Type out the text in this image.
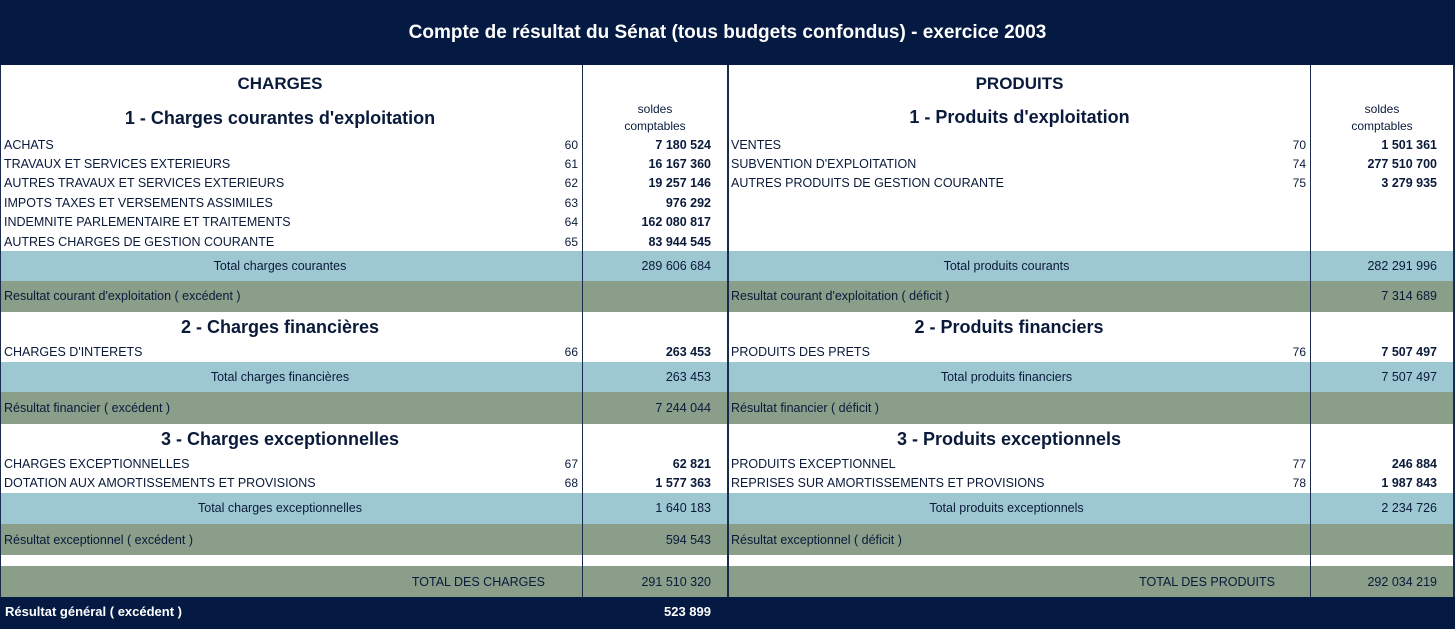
Compte de résultat du Sénat (tous budgets confondus) - exercice 2003
CHARGES
soldes
comptables
1 - Charges courantes d'exploitation
ACHATS	60	7 180 524
TRAVAUX ET SERVICES EXTERIEURS	61	16 167 360
AUTRES TRAVAUX ET SERVICES EXTERIEURS	62	19 257 146
IMPOTS TAXES ET VERSEMENTS ASSIMILES	63	976 292
INDEMNITE PARLEMENTAIRE ET TRAITEMENTS	64	162 080 817
AUTRES CHARGES DE GESTION COURANTE	65	83 944 545
Total charges courantes	289 606 684
Resultat courant d'exploitation ( excédent )
2 - Charges financières
CHARGES D'INTERETS	66	263 453
Total charges financières	263 453
Résultat financier ( excédent )	7 244 044
3 - Charges exceptionnelles
CHARGES EXCEPTIONNELLES	67	62 821
DOTATION AUX AMORTISSEMENTS ET PROVISIONS	68	1 577 363
Total charges exceptionnelles	1 640 183
Résultat exceptionnel ( excédent )	594 543
TOTAL DES CHARGES	291 510 320
PRODUITS
soldes
comptables
1 - Produits d'exploitation
VENTES	70	1 501 361
SUBVENTION D'EXPLOITATION	74	277 510 700
AUTRES PRODUITS DE GESTION COURANTE	75	3 279 935
Total produits courants	282 291 996
Resultat courant d'exploitation ( déficit )	7 314 689
2 - Produits financiers
PRODUITS DES PRETS	76	7 507 497
Total produits financiers	7 507 497
Résultat financier ( déficit )
3 - Produits exceptionnels
PRODUITS EXCEPTIONNEL	77	246 884
REPRISES SUR AMORTISSEMENTS ET PROVISIONS	78	1 987 843
Total produits exceptionnels	2 234 726
Résultat exceptionnel ( déficit )
TOTAL DES PRODUITS	292 034 219
Résultat général ( excédent )	523 899
